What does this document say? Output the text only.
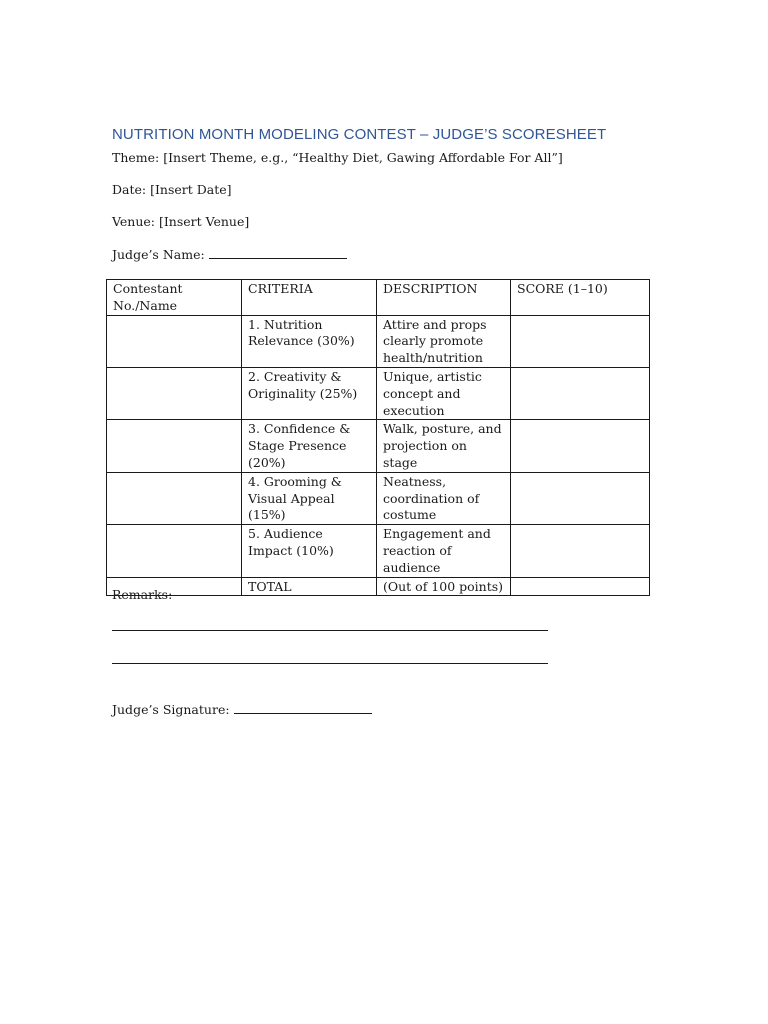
NUTRITION MONTH MODELING CONTEST – JUDGE’S SCORESHEET
Theme: [Insert Theme, e.g., “Healthy Diet, Gawing Affordable For All”]
Date: [Insert Date]
Venue: [Insert Venue]
Judge’s Name:
Contestant No./Name	CRITERIA	DESCRIPTION	SCORE (1–10)
	1. Nutrition Relevance (30%)	Attire and props clearly promote health/nutrition	
	2. Creativity & Originality (25%)	Unique, artistic concept and execution	
	3. Confidence & Stage Presence (20%)	Walk, posture, and projection on stage	
	4. Grooming & Visual Appeal (15%)	Neatness, coordination of costume	
	5. Audience Impact (10%)	Engagement and reaction of audience	
	TOTAL	(Out of 100 points)	
Remarks:
Judge’s Signature:
